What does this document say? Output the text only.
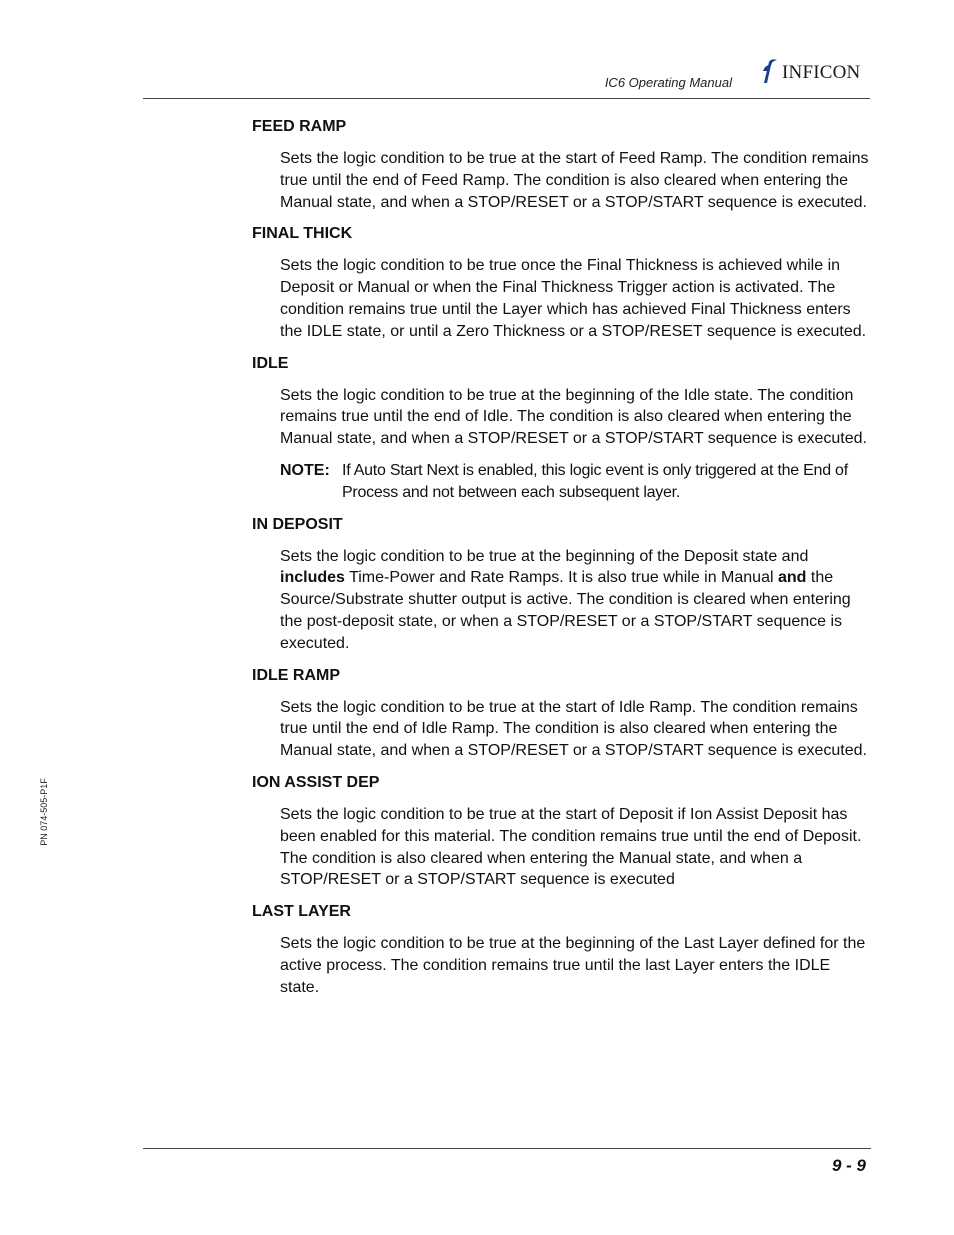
IC6 Operating Manual	INFICON
PN 074-505-P1F
FEED RAMP
Sets the logic condition to be true at the start of Feed Ramp. The condition remains true until the end of Feed Ramp. The condition is also cleared when entering the Manual state, and when a STOP/RESET or a STOP/START sequence is executed.
FINAL THICK
Sets the logic condition to be true once the Final Thickness is achieved while in Deposit or Manual or when the Final Thickness Trigger action is activated. The condition remains true until the Layer which has achieved Final Thickness enters the IDLE state, or until a Zero Thickness or a STOP/RESET sequence is executed.
IDLE
Sets the logic condition to be true at the beginning of the Idle state. The condition remains true until the end of Idle. The condition is also cleared when entering the Manual state, and when a STOP/RESET or a STOP/START sequence is executed.
NOTE: If Auto Start Next is enabled, this logic event is only triggered at the End of Process and not between each subsequent layer.
IN DEPOSIT
Sets the logic condition to be true at the beginning of the Deposit state and includes Time-Power and Rate Ramps. It is also true while in Manual and the Source/Substrate shutter output is active. The condition is cleared when entering the post-deposit state, or when a STOP/RESET or a STOP/START sequence is executed.
IDLE RAMP
Sets the logic condition to be true at the start of Idle Ramp. The condition remains true until the end of Idle Ramp. The condition is also cleared when entering the Manual state, and when a STOP/RESET or a STOP/START sequence is executed.
ION ASSIST DEP
Sets the logic condition to be true at the start of Deposit if Ion Assist Deposit has been enabled for this material. The condition remains true until the end of Deposit. The condition is also cleared when entering the Manual state, and when a STOP/RESET or a STOP/START sequence is executed
LAST LAYER
Sets the logic condition to be true at the beginning of the Last Layer defined for the active process. The condition remains true until the last Layer enters the IDLE state.
9 - 9
